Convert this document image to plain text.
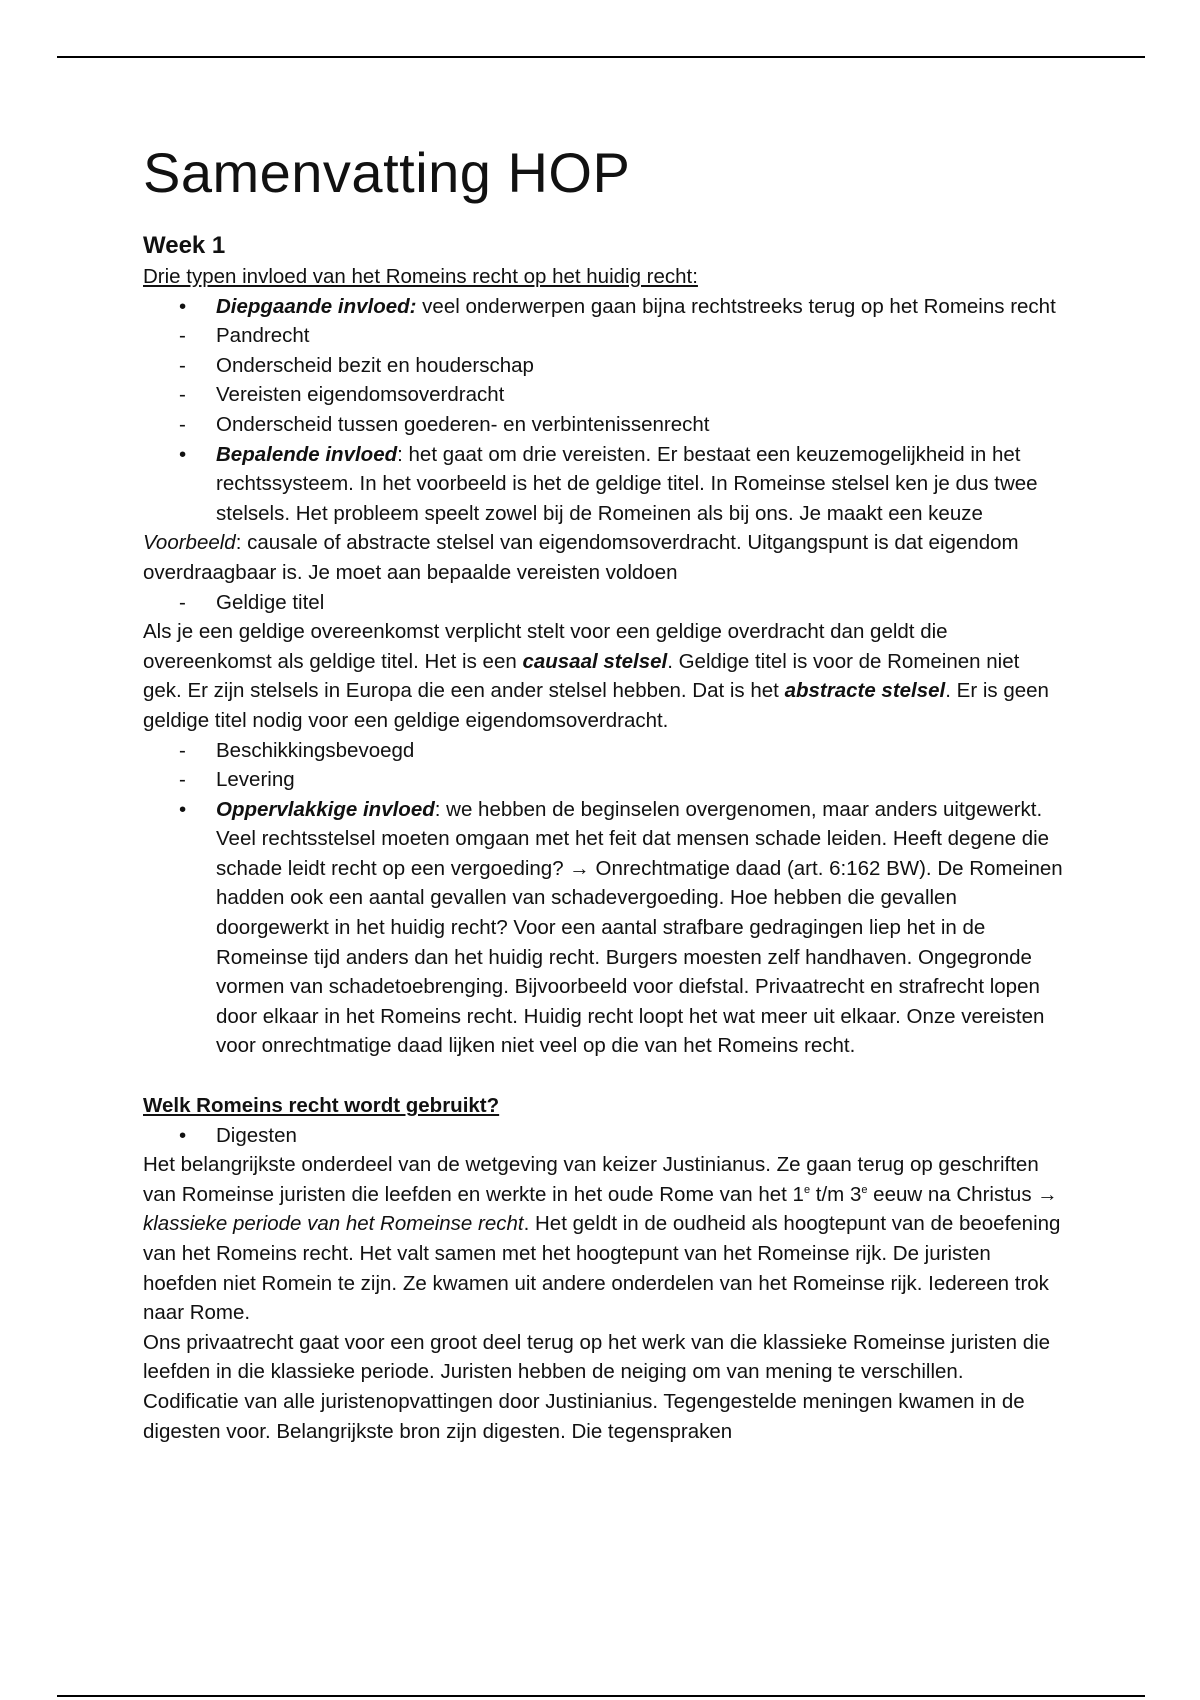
Samenvatting HOP
Week 1

Drie typen invloed van het Romeins recht op het huidig recht:

•	Diepgaande invloed: veel onderwerpen gaan bijna rechtstreeks terug op het Romeins recht
-	Pandrecht
-	Onderscheid bezit en houderschap
-	Vereisten eigendomsoverdracht
-	Onderscheid tussen goederen- en verbintenissenrecht
•	Bepalende invloed: het gaat om drie vereisten. Er bestaat een keuzemogelijkheid in het rechtssysteem. In het voorbeeld is het de geldige titel. In Romeinse stelsel ken je dus twee stelsels. Het probleem speelt zowel bij de Romeinen als bij ons. Je maakt een keuze

Voorbeeld: causale of abstracte stelsel van eigendomsoverdracht. Uitgangspunt is dat eigendom overdraagbaar is. Je moet aan bepaalde vereisten voldoen

-	Geldige titel

Als je een geldige overeenkomst verplicht stelt voor een geldige overdracht dan geldt die overeenkomst als geldige titel. Het is een causaal stelsel. Geldige titel is voor de Romeinen niet gek. Er zijn stelsels in Europa die een ander stelsel hebben. Dat is het abstracte stelsel. Er is geen geldige titel nodig voor een geldige eigendomsoverdracht.

-	Beschikkingsbevoegd
-	Levering
•	Oppervlakkige invloed: we hebben de beginselen overgenomen, maar anders uitgewerkt. Veel rechtsstelsel moeten omgaan met het feit dat mensen schade leiden. Heeft degene die schade leidt recht op een vergoeding? → Onrechtmatige daad (art. 6:162 BW). De Romeinen hadden ook een aantal gevallen van schadevergoeding. Hoe hebben die gevallen doorgewerkt in het huidig recht? Voor een aantal strafbare gedragingen liep het in de Romeinse tijd anders dan het huidig recht. Burgers moesten zelf handhaven. Ongegronde vormen van schadetoebrenging. Bijvoorbeeld voor diefstal. Privaatrecht en strafrecht lopen door elkaar in het Romeins recht. Huidig recht loopt het wat meer uit elkaar. Onze vereisten voor onrechtmatige daad lijken niet veel op die van het Romeins recht.

Welk Romeins recht wordt gebruikt?

•	Digesten

Het belangrijkste onderdeel van de wetgeving van keizer Justinianus. Ze gaan terug op geschriften van Romeinse juristen die leefden en werkte in het oude Rome van het 1e t/m 3e eeuw na Christus → klassieke periode van het Romeinse recht. Het geldt in de oudheid als hoogtepunt van de beoefening van het Romeins recht. Het valt samen met het hoogtepunt van het Romeinse rijk. De juristen hoefden niet Romein te zijn. Ze kwamen uit andere onderdelen van het Romeinse rijk. Iedereen trok naar Rome.

Ons privaatrecht gaat voor een groot deel terug op het werk van die klassieke Romeinse juristen die leefden in die klassieke periode. Juristen hebben de neiging om van mening te verschillen. Codificatie van alle juristenopvattingen door Justinianius. Tegengestelde meningen kwamen in de digesten voor. Belangrijkste bron zijn digesten. Die tegenspraken
